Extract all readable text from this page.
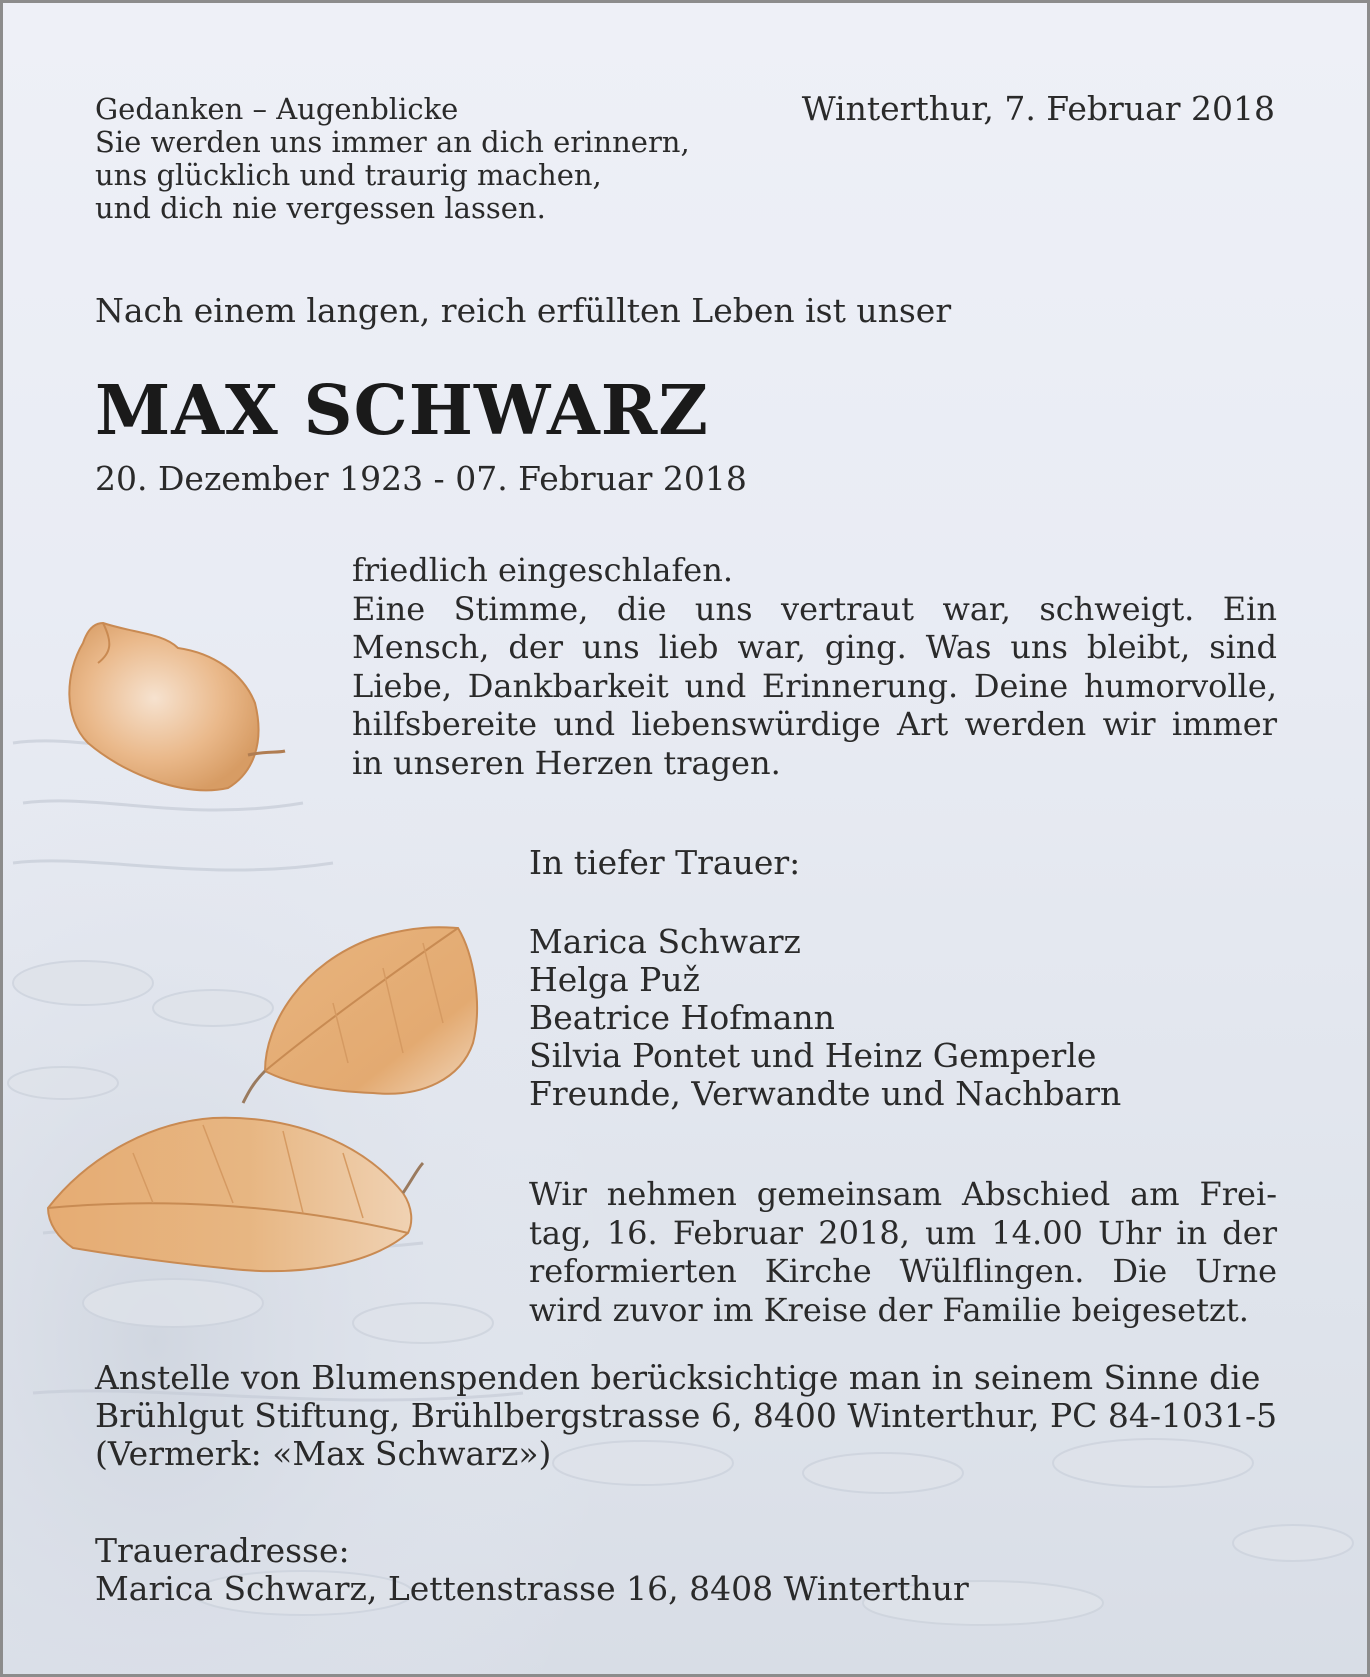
Gedanken – Augenblicke
Sie werden uns immer an dich erinnern,
uns glücklich und traurig machen,
und dich nie vergessen lassen.
Winterthur, 7. Februar 2018
Nach einem langen, reich erfüllten Leben ist unser
MAX SCHWARZ
20. Dezember 1923 - 07. Februar 2018
friedlich eingeschlafen.
Eine Stimme, die uns vertraut war, schweigt. Ein Mensch, der uns lieb war, ging. Was uns bleibt, sind Liebe, Dankbarkeit und Erinnerung. Deine humorvolle, hilfsbereite und liebenswürdige Art werden wir immer in unseren Herzen tragen.
In tiefer Trauer:
Marica Schwarz
Helga Puž
Beatrice Hofmann
Silvia Pontet und Heinz Gemperle
Freunde, Verwandte und Nachbarn
Wir nehmen gemeinsam Abschied am Frei-tag, 16. Februar 2018, um 14.00 Uhr in der reformierten Kirche Wülflingen. Die Urne wird zuvor im Kreise der Familie beigesetzt.
Anstelle von Blumenspenden berücksichtige man in seinem Sinne die
Brühlgut Stiftung, Brühlbergstrasse 6, 8400 Winterthur, PC 84-1031-5
(Vermerk: «Max Schwarz»)
Traueradresse:
Marica Schwarz, Lettenstrasse 16, 8408 Winterthur
